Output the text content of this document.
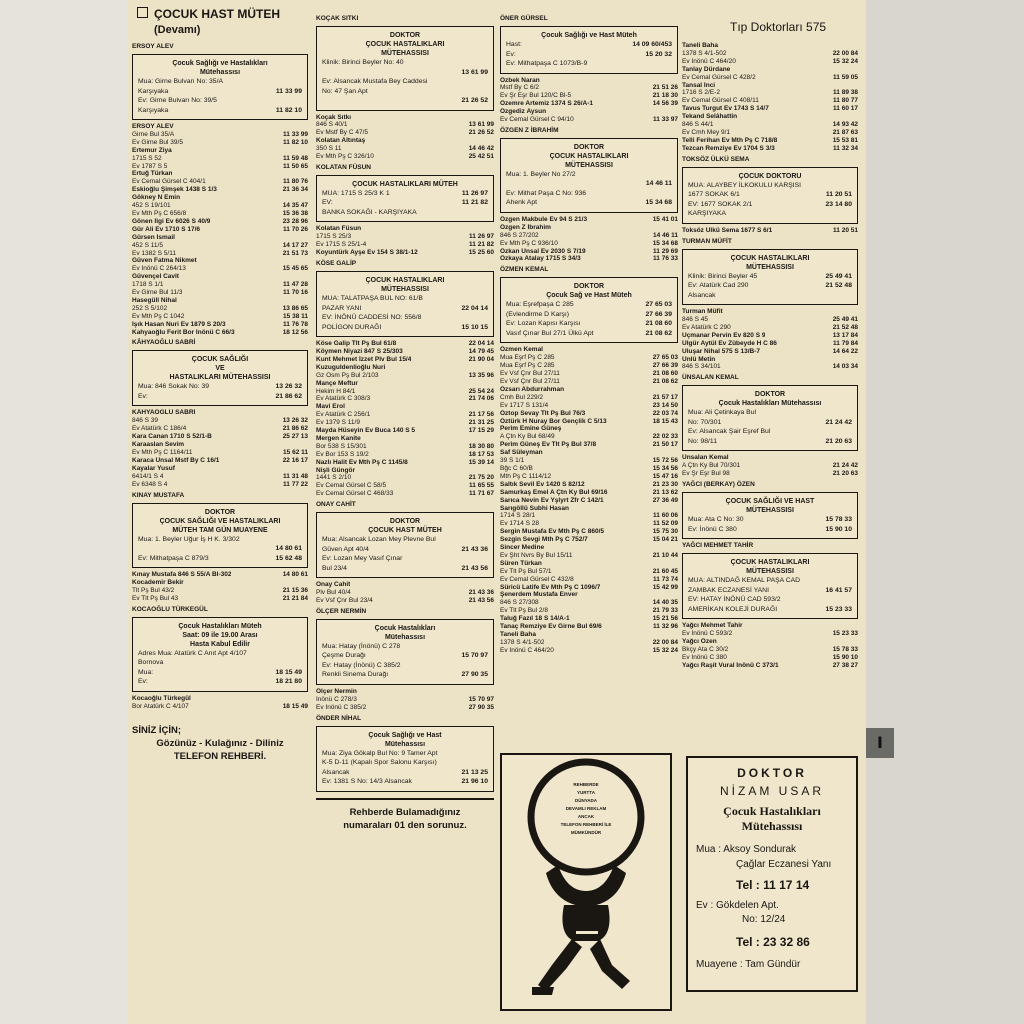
I
ÇOCUK HAST MÜTEH
(Devamı)	Tıp Doktorları 575
ERSOY ALEV
Çocuk Sağlığı ve Hastalıkları
Mütehassısı
Mua: Girne Bulvarı No: 35/A
Karşıyaka	11 33 99
Ev: Girne Bulvarı No: 39/5
Karşıyaka	11 82 10
ERSOY ALEV
Girne Bul 35/A	11 33 99
Ev Girne Bul 39/5	11 82 10
Ertemur Ziya
1715 S 52	11 59 48
Ev 1787 S 5	11 50 65
Ertuğ Türkan
Ev Cemal Gürsel C 404/1	11 80 76
Eskioğlu Şimşek 1438 S 1/3	21 36 34
Gökney N Emin
452 S 19/101	14 35 47
Ev Mth Pş C 656/8	15 36 38
Gönen İlgi Ev 6026 S 40/9	23 28 96
Gür Ali Ev 1710 S 17/6	11 70 26
Gürsen İsmail
452 S 11/5	14 17 27
Ev 1382 S 5/11	21 51 73
Güven Fatma Nikmet
Ev İnönü C 264/13	15 45 65
Güvençel Cavit
1718 S 1/1	11 47 28
Ev Girne Bul 11/3	11 70 16
Hasegüll Nihal
252 S 5/102	13 86 65
Ev Mth Pş C 1042	15 38 11
Işık Hasan Nuri Ev 1879 S 20/3	11 76 78
Kahyaoğlu Ferit Bor İnönü C 66/3	18 12 56
KÂHYAOĞLU SABRİ
ÇOCUK SAĞLIĞI
VE
HASTALIKLARI MÜTEHASSISI
Mua: 846 Sokak No: 39	13 26 32
Ev:	21 86 62
KÂHYAOĞLU SABRİ
846 S 39	13 26 32
Ev Atatürk C 186/4	21 86 62
Kara Canan 1710 S 52/1-B	25 27 13
Karaaslan Sevim
Ev Mth Pş C 1164/11	15 62 11
Karaca Ünsal Mstf By C 16/1	22 16 17
Kayalar Yusuf
6414/1 S 4	11 31 48
Ev 6348 S 4	11 77 22
KINAY MUSTAFA
DOKTOR
ÇOCUK SAĞLIĞI VE HASTALIKLARI
MÜTEH TAM GÜN MUAYENE
Mua: 1. Beyler Uğur İş H K. 3/302
14 80 61
Ev: Mithatpaşa C 879/3	15 62 48
Kınay Mustafa 846 S 55/A Bl-302	14 80 61
Kocademir Bekir
Tlt Pş Bul 43/2	21 15 36
Ev Tlt Pş Bul 43	21 21 84
KOCAOĞLU TÜRKEGÜL
Çocuk Hastalıkları Müteh
Saat: 09 ile 19.00 Arası
Hasta Kabul Edilir
Adres Mua: Atatürk C Anıt Apt 4/107
Bornova
Mua:	18 15 49
Ev:	18 21 80
Kocaoğlu Türkegül
Bor Atatürk C 4/107	18 15 49
SİNİZ İÇİN;
Gözünüz - Kulağınız - Diliniz
TELEFON REHBERİ.
KOÇAK SITKI
DOKTOR
ÇOCUK HASTALIKLARI
MÜTEHASSISI
Klinik: Birinci Beyler No: 40
13 61 99
Ev: Alsancak Mustafa Bey Caddesi
No: 47 Şan Apt
21 26 52
Koçak Sıtkı
846 S 40/1	13 61 99
Ev Mstf By C 47/5	21 26 52
Kolatan Altıntaş
350 S 11	14 46 42
Ev Mth Pş C 326/10	25 42 51
KOLATAN FÜSUN
ÇOCUK HASTALIKLARI MÜTEH
MUA: 1715 S 25/3 K 1	11 26 97
EV:	11 21 82
BANKA SOKAĞI - KARŞIYAKA
Kolatan Füsun
1715 S 25/3	11 26 97
Ev 1715 S 25/1-4	11 21 82
Koyuntürk Ayşe Ev 154 S 38/1-12	15 25 60
KÖSE GALİP
ÇOCUK HASTALIKLARI
MÜTEHASSISI
MUA: TALATPAŞA BUL NO: 61/B
PAZAR YANI	22 04 14
EV: İNÖNÜ CADDESİ NO: 556/8
POLİGON DURAĞI	15 10 15
Köse Galip Tlt Pş Bul 61/8	22 04 14
Köymen Niyazi 847 S 25/303	14 79 45
Kunt Mehmet İzzet Plv Bul 15/4	21 90 04
Kuzuguldenlioğlu Nuri
Gz Osm Pş Bul 2/103	13 35 96
Mançe Meftur
Hekim H 84/1	25 54 24
Ev Atatürk C 308/3	21 74 06
Mavi Erol
Ev Atatürk C 256/1	21 17 56
Ev 1379 S 11/9	21 31 25
Mayda Hüseyin Ev Buca 140 S 5	17 15 29
Mergen Kanite
Bor 538 S 15/301	18 30 80
Ev Bor 153 S 19/2	18 17 53
Nazlı Halit Ev Mth Pş C 1145/8	15 39 14
Nişli Güngör
1441 S 2/10	21 75 20
Ev Cemal Gürsel C 58/5	11 65 55
Ev Cemal Gürsel C 468/33	11 71 67
ONAY CAHİT
DOKTOR
ÇOCUK HAST MÜTEH
Mua: Alsancak Lozan Mey Plevne Bul
Güven Apt 40/4	21 43 36
Ev: Lozan Mey Vasıf Çınar
Bul 23/4	21 43 56
Onay Cahit
Plv Bul 40/4	21 43 36
Ev Vsf Çnr Bul 23/4	21 43 56
ÖLÇER NERMİN
Çocuk Hastalıkları
Mütehassısı
Mua: Hatay (İnönü) C 278
Çeşme Durağı	15 70 97
Ev: Hatay (İnönü) C 385/2
Renkli Sinema Durağı	27 90 35
Ölçer Nermin
İnönü C 278/3	15 70 97
Ev İnönü C 385/2	27 90 35
ÖNDER NİHAL
Çocuk Sağlığı ve Hast
Mütehassısı
Mua: Ziya Gökalp Bul No: 9 Tamer Apt
K-5 D-11 (Kapalı Spor Salonu Karşısı)
Alsancak	21 13 25
Ev: 1381 S No: 14/3 Alsancak	21 96 10
Rehberde Bulamadığınız
numaraları 01 den sorunuz.
ÖNER GÜRSEL
Çocuk Sağlığı ve Hast Müteh
Hast:	14 09 60/453
Ev:	15 20 32
Ev: Mithatpaşa C 1073/B-9
Özbek Naran
Mstf By C 6/2	21 51 26
Ev Şr Eşr Bul 120/C Bl-5	21 18 30
Özemre Artemiz 1374 S 26/A-1	14 56 39
Özgediz Aysun
Ev Cemal Gürsel C 94/10	11 33 97
ÖZGEN Z İBRAHİM
DOKTOR
ÇOCUK HASTALIKLARI
MÜTEHASSISI
Mua: 1. Beyler No 27/2
14 46 11
Ev: Mithat Paşa C No: 936
Ahenk Apt	15 34 68
Özgen Makbule Ev 94 S 21/3	15 41 01
Özgen Z İbrahim
846 S 27/202	14 46 11
Ev Mth Pş C 936/10	15 34 68
Özkan Ünsal Ev 2030 S 7/19	11 29 69
Özkaya Atalay 1715 S 34/3	11 76 33
ÖZMEN KEMAL
DOKTOR
Çocuk Sağ ve Hast Müteh
Mua: Eşrefpaşa C 285	27 65 03
(Evlendirme D Karşı)	27 66 39
Ev: Lozan Kapısı Karşısı	21 08 60
Vasıf Çınar Bul 27/1 Ülkü Apt	21 08 62
Özmen Kemal
Mua Eşrf Pş C 285	27 65 03
Mua Eşrf Pş C 285	27 66 39
Ev Vsf Çnr Bul 27/11	21 08 60
Ev Vsf Çnr Bul 27/11	21 08 62
Özsarı Abdurrahman
Cmh Bul 229/2	21 57 17
Ev 1717 S 131/4	23 14 50
Öztop Sevay Tlt Pş Bul 76/3	22 03 74
Öztürk H Nuray Bor Gençlik C 5/13	18 15 43
Perim Emine Güneş
A Çtn Ky Bul 68/49	22 02 33
Perim Güneş Ev Tlt Pş Bul 37/8	21 50 17
Saf Süleyman
39 S 1/1	15 72 56
Bğc C 60/B	15 34 56
Mth Pş C 1114/12	15 47 16
Saltık Sevil Ev 1420 S 82/12	21 23 30
Samurkaş Emel A Çtn Ky Bul 69/16	21 13 62
Sarıca Nevin Ev Yşlyrt Zfr C 142/1	27 36 49
Sarıgöllü Subhi Hasan
1714 S 28/1	11 60 06
Ev 1714 S 28	11 52 09
Sergin Mustafa Ev Mth Pş C 860/5	15 75 30
Sezgin Sevgi Mth Pş C 752/7	15 04 21
Sincer Medine
Ev Şht Nvrs By Bul 15/11	21 10 44
Süren Türkan
Ev Tlt Pş Bul 57/1	21 60 45
Ev Cemal Gürsel C 432/8	11 73 74
Süricü Latife Ev Mth Pş C 1096/7	15 42 99
Şenerdem Mustafa Enver
846 S 27/308	14 40 35
Ev Tlt Pş Bul 2/8	21 79 33
Taluğ Fazıl 18 S 14/A-1	15 21 56
Tanaç Remziye Ev Girne Bul 69/6	11 32 96
Taneli Baha
1378 S 4/1-502	22 00 84
Ev İnönü C 464/20	15 32 24
Taneli Baha
1378 S 4/1-502	22 00 84
Ev İnönü C 464/20	15 32 24
Tanlay Dürdane
Ev Cemal Gürsel C 428/2	11 59 05
Tansal İnci
1716 S 2/E-2	11 89 38
Ev Cemal Gürsel C 408/11	11 80 77
Tavus Turgut Ev 1743 S 14/7	11 60 17
Tekand Selâhattin
846 S 44/1	14 93 42
Ev Cmh Mey 9/1	21 87 63
Telli Ferihan Ev Mth Pş C 718/8	15 53 81
Tezcan Remziye Ev 1704 S 3/3	11 32 34
TOKSÖZ ÜLKÜ SEMA
ÇOCUK DOKTORU
MUA: ALAYBEY İLKOKULU KARŞISI
1677 SOKAK 6/1	11 20 51
EV: 1677 SOKAK 2/1	23 14 80
KARŞIYAKA
Toksöz Ülkü Sema 1677 S 6/1	11 20 51
TURMAN MÜFİT
ÇOCUK HASTALIKLARI
MÜTEHASSISI
Klinik: Birinci Beyler 45	25 49 41
Ev: Atatürk Cad 290	21 52 48
Alsancak
Turman Müfit
846 S 45	25 49 41
Ev Atatürk C 290	21 52 48
Uçmanar Pervin Ev 820 S 9	13 17 84
Ülgür Aytül Ev Zübeyde H C 86	11 79 84
Uluşar Nihal 575 S 13/B-7	14 64 22
Ünlü Metin
846 S 34/101	14 03 34
ÜNSALAN KEMAL
DOKTOR
Çocuk Hastalıkları Mütehassısı
Mua: Ali Çetinkaya Bul
No: 70/301	21 24 42
Ev: Alsancak Şair Eşref Bul
No: 98/11	21 20 63
Ünsalan Kemal
A Çtn Ky Bul 70/301	21 24 42
Ev Şr Eşr Bul 98	21 20 63
YAĞCI (BERKAY) ÖZEN
ÇOCUK SAĞLIĞI VE HAST
MÜTEHASSISI
Mua: Ata C No: 30	15 78 33
Ev: İnönü C 380	15 90 10
YAĞCI MEHMET TAHİR
ÇOCUK HASTALIKLARI
MÜTEHASSISI
MUA: ALTINDAĞ KEMAL PAŞA CAD
ZAMBAK ECZANESİ YANI	16 41 57
EV: HATAY İNÖNÜ CAD 593/2
AMERİKAN KOLEJİ DURAĞI	15 23 33
Yağcı Mehmet Tahir
Ev İnönü C 593/2	15 23 33
Yağcı Özen
Bkçy Ata C 30/2	15 78 33
Ev İnönü C 380	15 90 10
Yağcı Raşit Vural İnönü C 373/1	27 38 27
REHBERDE
YURTTA
DÜNYADA
DEVAMLI REKLAM
ANCAK
TELEFON REHBERİ İLE
MÜMKÜNDÜR
DOKTOR
NİZAM USAR
Çocuk Hastalıkları
Mütehassısı
Mua : Aksoy Sondurak
Çağlar Eczanesi Yanı
Tel : 11 17 14
Ev : Gökdelen Apt.
No: 12/24
Tel : 23 32 86
Muayene : Tam Gündür
